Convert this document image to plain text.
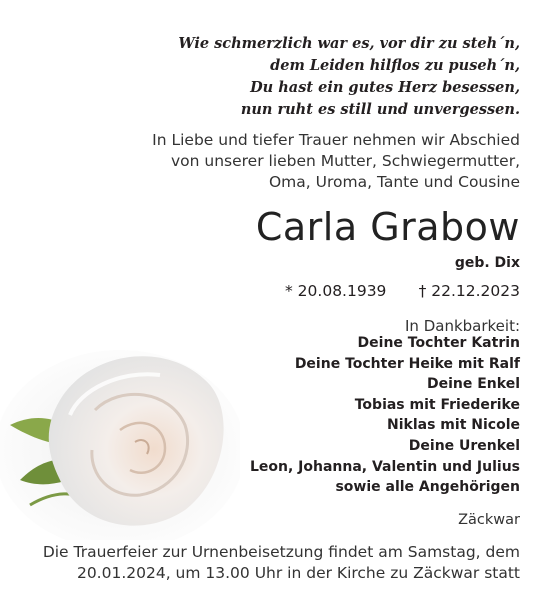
Wie schmerzlich war es, vor dir zu steh´n,
dem Leiden hilflos zu puseh´n,
Du hast ein gutes Herz besessen,
nun ruht es still und unvergessen.
In Liebe und tiefer Trauer nehmen wir Abschied
von unserer lieben Mutter, Schwiegermutter,
Oma, Uroma, Tante und Cousine
Carla Grabow
geb. Dix
* 20.08.1939 † 22.12.2023
In Dankbarkeit:
Deine Tochter Katrin
Deine Tochter Heike mit Ralf
Deine Enkel
Tobias mit Friederike
Niklas mit Nicole
Deine Urenkel
Leon, Johanna, Valentin und Julius
sowie alle Angehörigen
Zäckwar
Die Trauerfeier zur Urnenbeisetzung findet am Samstag, dem
20.01.2024, um 13.00 Uhr in der Kirche zu Zäckwar statt
